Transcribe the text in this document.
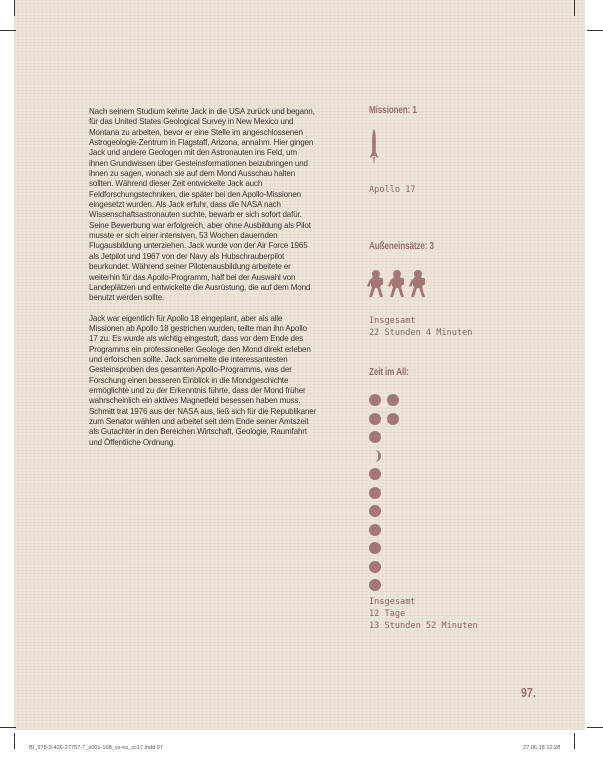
Nach seinem Studium kehrte Jack in die USA zurück und begann, für das United States Geological Survey in New Mexico und Montana zu arbeiten, bevor er eine Stelle im angeschlossenen Astrogeologie-Zentrum in Flagstaff, Arizona, annahm. Hier gingen Jack und andere Geologen mit den Astronauten ins Feld, um ihnen Grundwissen über Gesteinsformationen beizubringen und ihnen zu sagen, wonach sie auf dem Mond Ausschau halten sollten. Während dieser Zeit entwickelte Jack auch Feldforschungstechniken, die später bei den Apollo-Missionen eingesetzt wurden. Als Jack erfuhr, dass die NASA nach Wissenschaftsastronauten suchte, bewarb er sich sofort dafür. Seine Bewerbung war erfolgreich, aber ohne Ausbildung als Pilot musste er sich einer intensiven, 53 Wochen dauernden Flugausbildung unterziehen. Jack wurde von der Air Force 1965 als Jetpilot und 1967 von der Navy als Hubschrauberpilot beurkundet. Während seiner Pilotenausbildung arbeitete er weiterhin für das Apollo-Programm, half bei der Auswahl von Landeplätzen und entwickelte die Ausrüstung, die auf dem Mond benutzt werden sollte.

Jack war eigentlich für Apollo 18 eingeplant, aber als alle Missionen ab Apollo 18 gestrichen wurden, teilte man ihn Apollo 17 zu. Es wurde als wichtig eingestuft, dass vor dem Ende des Programms ein professioneller Geologe den Mond direkt erleben und erforschen sollte. Jack sammelte die interessantesten Gesteinsproben des gesamten Apollo-Programms, was der Forschung einen besseren Einblick in die Mondgeschichte ermöglichte und zu der Erkenntnis führte, dass der Mond früher wahrscheinlich ein aktives Magnetfeld besessen haben muss. Schmitt trat 1976 aus der NASA aus, ließ sich für die Republikaner zum Senator wählen und arbeitet seit dem Ende seiner Amtszeit als Gutachter in den Bereichen Wirtschaft, Geologie, Raumfahrt und Öffentliche Ordnung.

Missionen: 1
Apollo 17
Außeneinsätze: 3
Insgesamt
22 Stunden 4 Minuten
Zeit im All:
Insgesamt
12 Tage
13 Stunden 52 Minuten
97.
BI_978-3-426-27757-7_s001-168_vs-ns_cc17.indd 97	27.06.18 12:28
